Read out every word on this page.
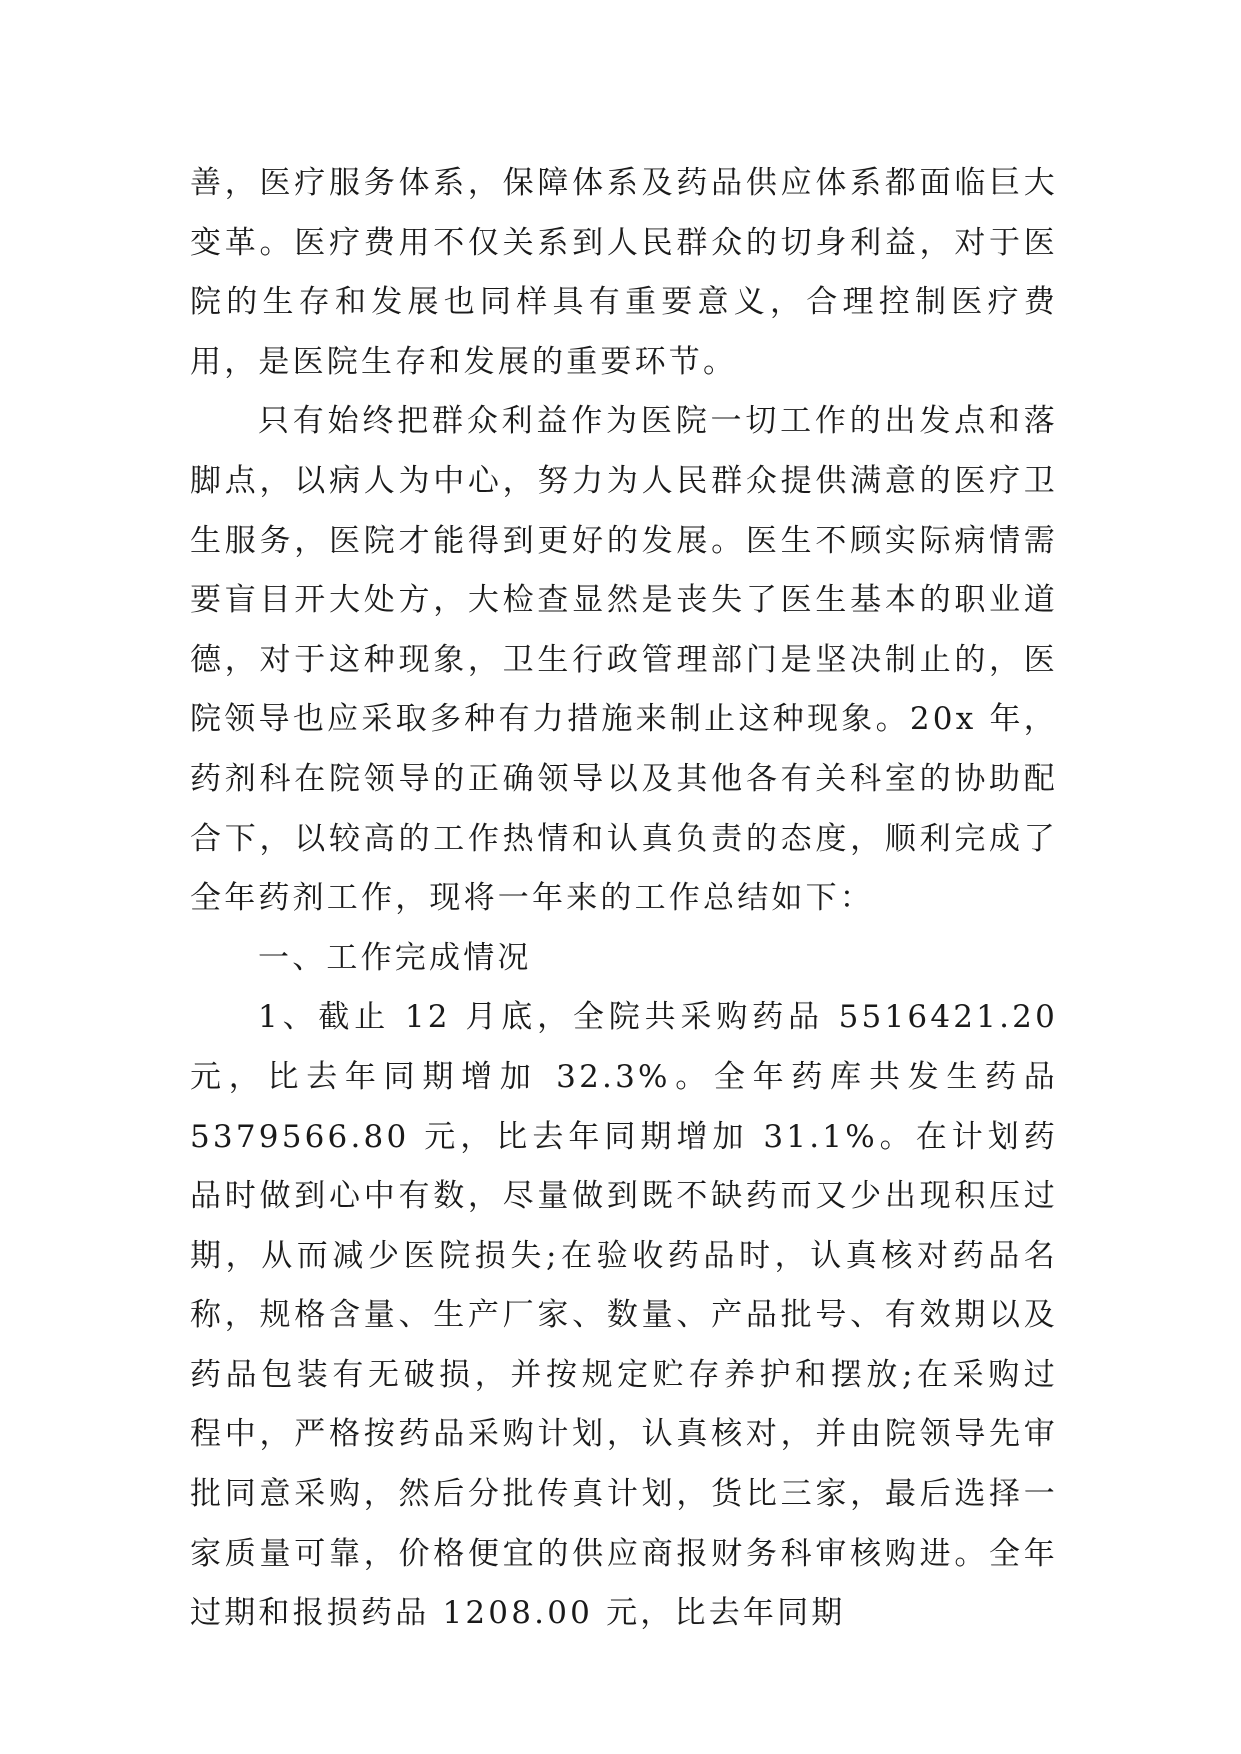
善，医疗服务体系，保障体系及药品供应体系都面临巨大变革。医疗费用不仅关系到人民群众的切身利益，对于医院的生存和发展也同样具有重要意义，合理控制医疗费用，是医院生存和发展的重要环节。

只有始终把群众利益作为医院一切工作的出发点和落脚点，以病人为中心，努力为人民群众提供满意的医疗卫生服务，医院才能得到更好的发展。医生不顾实际病情需要盲目开大处方，大检查显然是丧失了医生基本的职业道德，对于这种现象，卫生行政管理部门是坚决制止的，医院领导也应采取多种有力措施来制止这种现象。20x 年，药剂科在院领导的正确领导以及其他各有关科室的协助配合下，以较高的工作热情和认真负责的态度，顺利完成了全年药剂工作，现将一年来的工作总结如下：

一、工作完成情况

1、截止 12 月底，全院共采购药品 5516421.20 元，比去年同期增加 32.3%。全年药库共发生药品 5379566.80 元，比去年同期增加 31.1%。在计划药品时做到心中有数，尽量做到既不缺药而又少出现积压过期，从而减少医院损失;在验收药品时，认真核对药品名称，规格含量、生产厂家、数量、产品批号、有效期以及药品包装有无破损，并按规定贮存养护和摆放;在采购过程中，严格按药品采购计划，认真核对，并由院领导先审批同意采购，然后分批传真计划，货比三家，最后选择一家质量可靠，价格便宜的供应商报财务科审核购进。全年过期和报损药品 1208.00 元，比去年同期
